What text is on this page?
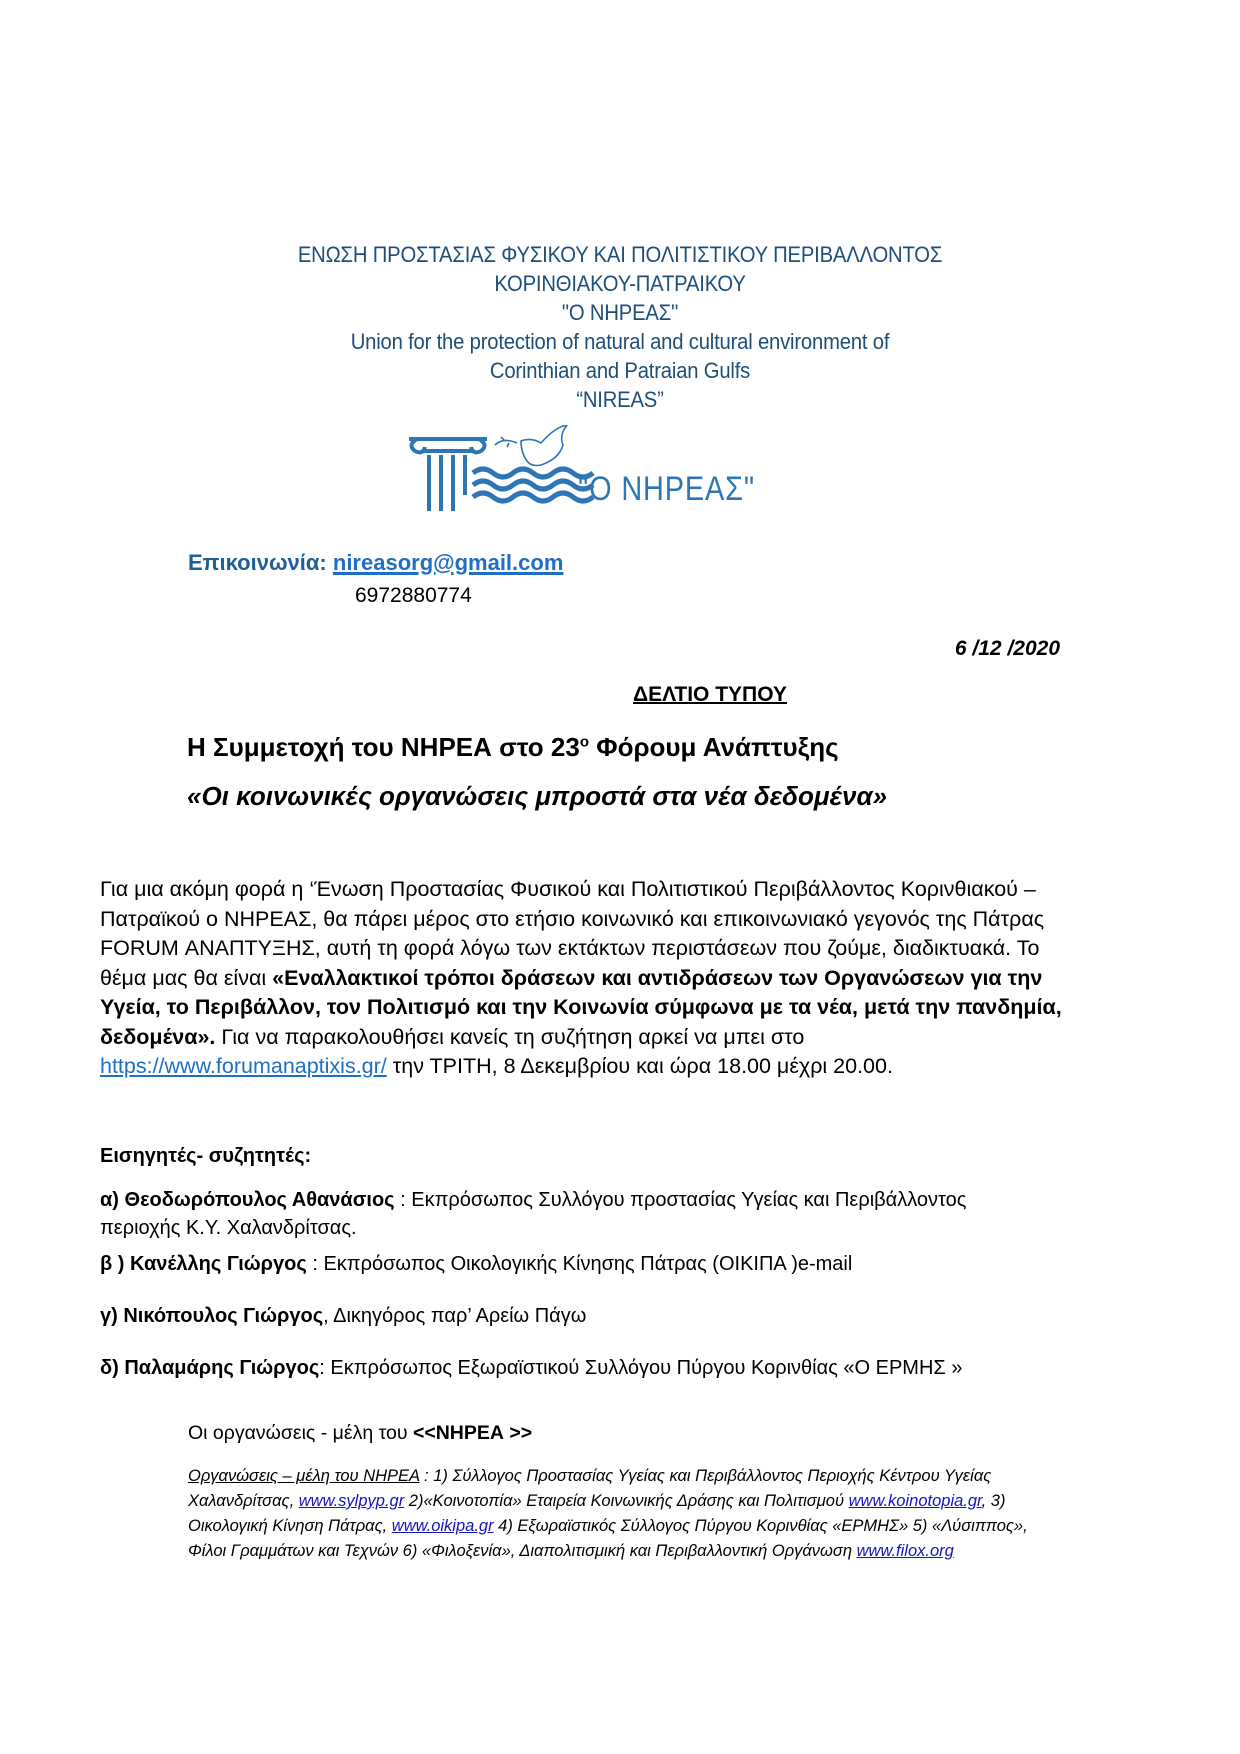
ΕΝΩΣΗ ΠΡΟΣΤΑΣΙΑΣ ΦΥΣΙΚΟΥ ΚΑΙ ΠΟΛΙΤΙΣΤΙΚΟΥ ΠΕΡΙΒΑΛΛΟΝΤΟΣ
ΚΟΡΙΝΘΙΑΚΟΥ-ΠΑΤΡΑΙΚΟΥ
"Ο ΝΗΡΕΑΣ"
Union for the protection of natural and cultural environment of
Corinthian and Patraian Gulfs
“NIREAS”
"Ο ΝΗΡΕΑΣ"
Επικοινωνία: nireasorg@gmail.com
6972880774
6 /12 /2020
ΔΕΛΤΙΟ ΤΥΠΟΥ
Η Συμμετοχή του ΝΗΡΕΑ στο $23^o$ Φόρουμ Ανάπτυξης
«Οι κοινωνικές οργανώσεις μπροστά στα νέα δεδομένα»
Για μια ακόμη φορά η ‘Ένωση Προστασίας Φυσικού και Πολιτιστικού Περιβάλλοντος Κορινθιακού – Πατραϊκού ο ΝΗΡΕΑΣ, θα πάρει μέρος στο ετήσιο κοινωνικό και επικοινωνιακό γεγονός της Πάτρας FORUM ΑΝΑΠΤΥΞΗΣ, αυτή τη φορά λόγω των εκτάκτων περιστάσεων που ζούμε, διαδικτυακά. Το θέμα μας θα είναι «Εναλλακτικοί τρόποι δράσεων και αντιδράσεων των Οργανώσεων για την Υγεία, το Περιβάλλον, τον Πολιτισμό και την Κοινωνία σύμφωνα με τα νέα, μετά την πανδημία, δεδομένα». Για να παρακολουθήσει κανείς τη συζήτηση αρκεί να μπει στο https://www.forumanaptixis.gr/ την ΤΡΙΤΗ, 8 Δεκεμβρίου και ώρα 18.00 μέχρι 20.00.
Εισηγητές- συζητητές:
α) Θεοδωρόπουλος Αθανάσιος : Εκπρόσωπος Συλλόγου προστασίας Υγείας και Περιβάλλοντος περιοχής Κ.Υ. Χαλανδρίτσας.
β ) Κανέλλης Γιώργος : Εκπρόσωπος Οικολογικής Κίνησης Πάτρας (ΟΙΚΙΠΑ )e-mail
γ) Νικόπουλος Γιώργος, Δικηγόρος παρ’ Αρείω Πάγω
δ) Παλαμάρης Γιώργος: Εκπρόσωπος Εξωραϊστικού Συλλόγου Πύργου Κορινθίας «Ο ΕΡΜΗΣ »
Οι οργανώσεις - μέλη του <<ΝΗΡΕΑ >>
Οργανώσεις – μέλη του ΝΗΡΕΑ : 1) Σύλλογος Προστασίας Υγείας και Περιβάλλοντος Περιοχής Κέντρου Υγείας Χαλανδρίτσας, www.sylpyp.gr 2)«Κοινοτοπία» Εταιρεία Κοινωνικής Δράσης και Πολιτισμού www.koinotopia.gr, 3) Οικολογική Κίνηση Πάτρας, www.oikipa.gr 4) Εξωραϊστικός Σύλλογος Πύργου Κορινθίας «ΕΡΜΗΣ» 5) «Λύσιππος», Φίλοι Γραμμάτων και Τεχνών 6) «Φιλοξενία», Διαπολιτισμική και Περιβαλλοντική Οργάνωση www.filox.org
